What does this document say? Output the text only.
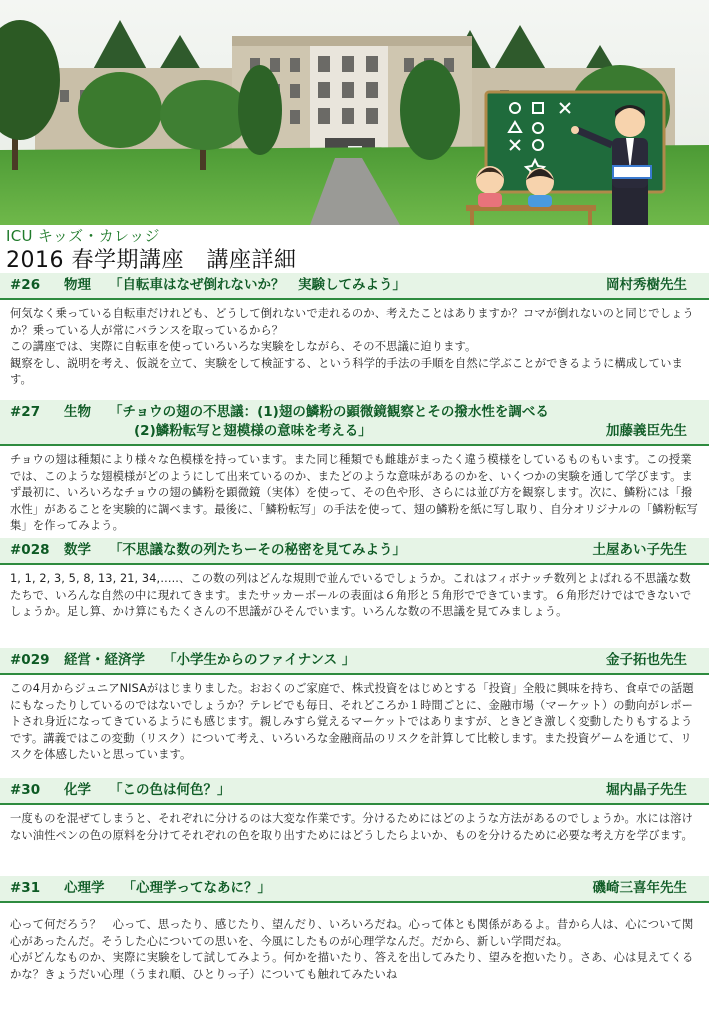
ICU キッズ・カレッジ
2016 春学期講座　講座詳細
#26	物理 「自転車はなぜ倒れないか？　実験してみよう」	岡村秀樹先生
何気なく乗っている自転車だけれども、どうして倒れないで走れるのか、考えたことはありますか？コマが倒れないのと同じでしょうか？乗っている人が常にバランスを取っているから？
この講座では、実際に自転車を使っていろいろな実験をしながら、その不思議に迫ります。
観察をし、説明を考え、仮説を立て、実験をして検証する、という科学的手法の手順を自然に学ぶことができるように構成しています。
#27	生物 「チョウの翅の不思議：(1)翅の鱗粉の顕微鏡観察とその撥水性を調べる
(2)鱗粉転写と翅模様の意味を考える」	加藤義臣先生
チョウの翅は種類により様々な色模様を持っています。また同じ種類でも雌雄がまったく違う模様をしているものもいます。この授業では、このような翅模様がどのようにして出来ているのか、またどのような意味があるのかを、いくつかの実験を通して学びます。まず最初に、いろいろなチョウの翅の鱗粉を顕微鏡（実体）を使って、その色や形、さらには並び方を観察します。次に、鱗粉には「撥水性」があることを実験的に調べます。最後に、「鱗粉転写」の手法を使って、翅の鱗粉を紙に写し取り、自分オリジナルの「鱗粉転写集」を作ってみよう。
#028	数学 「不思議な数の列たちーその秘密を見てみよう」	土屋あい子先生
1, 1, 2, 3, 5, 8, 13, 21, 34,…..、この数の列はどんな規則で並んでいるでしょうか。これはフィボナッチ数列とよばれる不思議な数たちで、いろんな自然の中に現れてきます。またサッカーボールの表面は６角形と５角形でできています。６角形だけではできないでしょうか。足し算、かけ算にもたくさんの不思議がひそんでいます。いろんな数の不思議を見てみましょう。
#029	経営・経済学 「小学生からのファイナンス 」	金子拓也先生
この4月からジュニアNISAがはじまりました。おおくのご家庭で、株式投資をはじめとする「投資」全般に興味を持ち、食卓での話題にもなったりしているのではないでしょうか？テレビでも毎日、それどころか１時間ごとに、金融市場（マーケット）の動向がレポートされ身近になってきているようにも感じます。親しみすら覚えるマーケットではありますが、ときどき激しく変動したりもするようです。講義ではこの変動（リスク）について考え、いろいろな金融商品のリスクを計算して比較します。また投資ゲームを通じて、リスクを体感したいと思っています。
#30	化学 「この色は何色？」	堀内晶子先生
一度ものを混ぜてしまうと、それぞれに分けるのは大変な作業です。分けるためにはどのような方法があるのでしょうか。水には溶けない油性ペンの色の原料を分けてそれぞれの色を取り出すためにはどうしたらよいか、ものを分けるために必要な考え方を学びます。
#31	心理学 「心理学ってなあに？」	磯崎三喜年先生
心って何だろう？　心って、思ったり、感じたり、望んだり、いろいろだね。心って体とも関係があるよ。昔から人は、心について関心があったんだ。そうした心についての思いを、今風にしたものが心理学なんだ。だから、新しい学問だね。
心がどんなものか、実際に実験をして試してみよう。何かを描いたり、答えを出してみたり、望みを抱いたり。さあ、心は見えてくるかな？きょうだい心理（うまれ順、ひとりっ子）についても触れてみたいね
